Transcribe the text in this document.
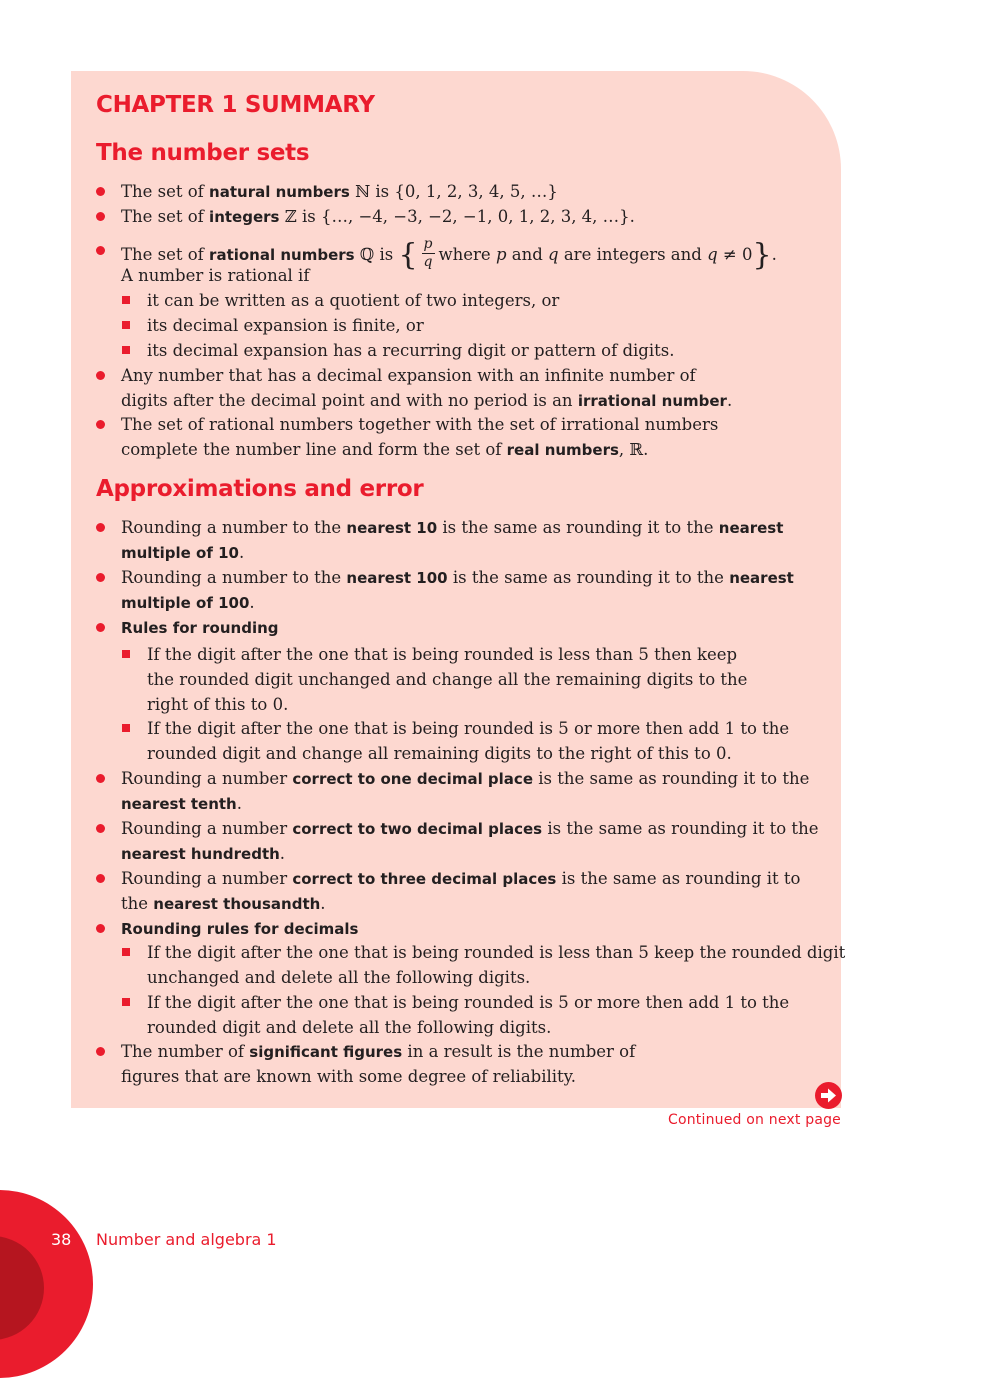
CHAPTER 1 SUMMARY
The number sets
The set of natural numbers ℕ is {0, 1, 2, 3, 4, 5, …}
The set of integers ℤ is {…, −4, −3, −2, −1, 0, 1, 2, 3, 4, …}.
The set of rational numbers ℚ is { $\frac{p}{q}$ where p and q are integers and q ≠ 0}.
A number is rational if
it can be written as a quotient of two integers, or
its decimal expansion is finite, or
its decimal expansion has a recurring digit or pattern of digits.
Any number that has a decimal expansion with an infinite number of
digits after the decimal point and with no period is an irrational number.
The set of rational numbers together with the set of irrational numbers
complete the number line and form the set of real numbers, ℝ.
Approximations and error
Rounding a number to the nearest 10 is the same as rounding it to the nearest
multiple of 10.
Rounding a number to the nearest 100 is the same as rounding it to the nearest
multiple of 100.
Rules for rounding
If the digit after the one that is being rounded is less than 5 then keep
the rounded digit unchanged and change all the remaining digits to the
right of this to 0.
If the digit after the one that is being rounded is 5 or more then add 1 to the
rounded digit and change all remaining digits to the right of this to 0.
Rounding a number correct to one decimal place is the same as rounding it to the
nearest tenth.
Rounding a number correct to two decimal places is the same as rounding it to the
nearest hundredth.
Rounding a number correct to three decimal places is the same as rounding it to
the nearest thousandth.
Rounding rules for decimals
If the digit after the one that is being rounded is less than 5 keep the rounded digit
unchanged and delete all the following digits.
If the digit after the one that is being rounded is 5 or more then add 1 to the
rounded digit and delete all the following digits.
The number of significant figures in a result is the number of
figures that are known with some degree of reliability.
Continued on next page
38 Number and algebra 1
